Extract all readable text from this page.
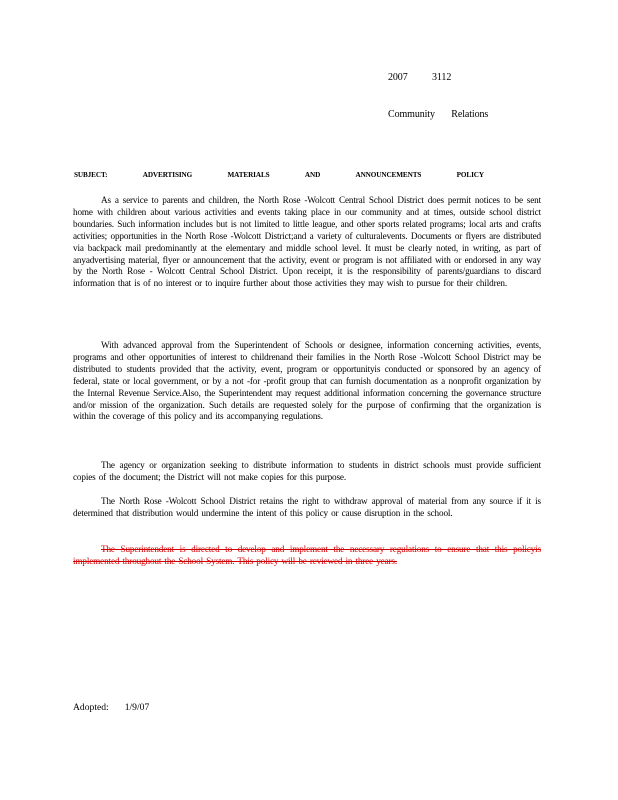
2007 3112
Community Relations
SUBJECT:	ADVERTISING	MATERIALS	AND	ANNOUNCEMENTS	POLICY

As a service to parents and children, the North Rose -Wolcott Central School District does permit notices to be sent home with children about various activities and events taking place in our community and at times, outside school district boundaries. Such information includes but is not limited to little league, and other sports related programs; local arts and crafts activities; opportunities in the North Rose -Wolcott District;and a variety of culturalevents. Documents or flyers are distributed via backpack mail predominantly at the elementary and middle school level. It must be clearly noted, in writing, as part of anyadvertising material, flyer or announcement that the activity, event or program is not affiliated with or endorsed in any way by the North Rose - Wolcott Central School District. Upon receipt, it is the responsibility of parents/guardians to discard information that is of no interest or to inquire further about those activities they may wish to pursue for their children.

With advanced approval from the Superintendent of Schools or designee, information concerning activities, events, programs and other opportunities of interest to childrenand their families in the North Rose -Wolcott School District may be distributed to students provided that the activity, event, program or opportunityis conducted or sponsored by an agency of federal, state or local government, or by a not -for -profit group that can furnish documentation as a nonprofit organization by the Internal Revenue Service.Also, the Superintendent may request additional information concerning the governance structure and/or mission of the organization. Such details are requested solely for the purpose of confirming that the organization is within the coverage of this policy and its accompanying regulations.

The agency or organization seeking to distribute information to students in district schools must provide sufficient copies of the document; the District will not make copies for this purpose.

The North Rose -Wolcott School District retains the right to withdraw approval of material from any source if it is determined that distribution would undermine the intent of this policy or cause disruption in the school.

The Superintendent is directed to develop and implement the necessary regulations to ensure that this policyis implemented throughout the School System. This policy will be reviewed in three years.

Adopted: 1/9/07
